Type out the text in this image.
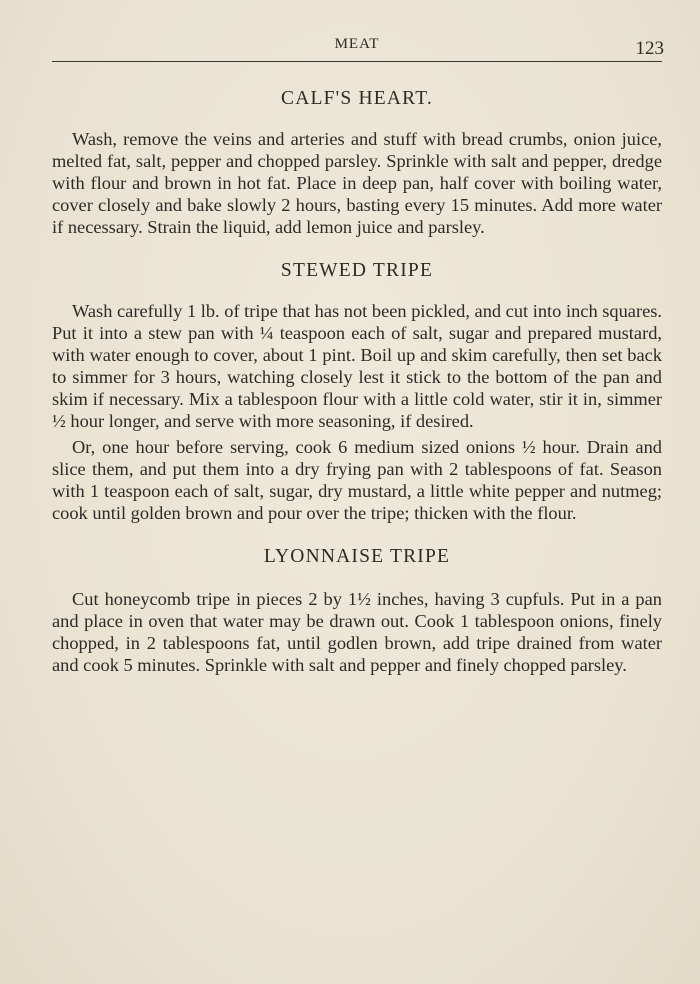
MEAT	123
CALF'S HEART.

Wash, remove the veins and arteries and stuff with bread crumbs, onion juice, melted fat, salt, pepper and chopped parsley. Sprinkle with salt and pepper, dredge with flour and brown in hot fat. Place in deep pan, half cover with boiling water, cover closely and bake slowly 2 hours, basting every 15 minutes. Add more water if necessary. Strain the liquid, add lemon juice and parsley.

STEWED TRIPE

Wash carefully 1 lb. of tripe that has not been pickled, and cut into inch squares. Put it into a stew pan with ¼ teaspoon each of salt, sugar and prepared mustard, with water enough to cover, about 1 pint. Boil up and skim carefully, then set back to simmer for 3 hours, watching closely lest it stick to the bottom of the pan and skim if necessary. Mix a tablespoon flour with a little cold water, stir it in, simmer ½ hour longer, and serve with more seasoning, if desired.

Or, one hour before serving, cook 6 medium sized onions ½ hour. Drain and slice them, and put them into a dry frying pan with 2 tablespoons of fat. Season with 1 teaspoon each of salt, sugar, dry mustard, a little white pepper and nutmeg; cook until golden brown and pour over the tripe; thicken with the flour.

LYONNAISE TRIPE

Cut honeycomb tripe in pieces 2 by 1½ inches, having 3 cupfuls. Put in a pan and place in oven that water may be drawn out. Cook 1 tablespoon onions, finely chopped, in 2 tablespoons fat, until godlen brown, add tripe drained from water and cook 5 minutes. Sprinkle with salt and pepper and finely chopped parsley.
